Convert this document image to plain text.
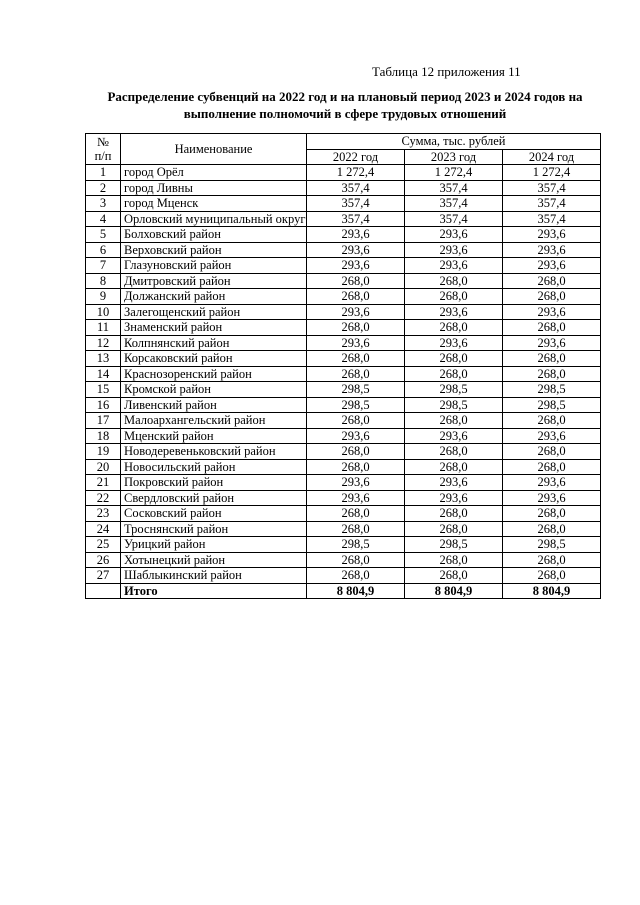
Таблица 12 приложения 11
Распределение субвенций на 2022 год и на плановый период 2023 и 2024 годов на
выполнение полномочий в сфере трудовых отношений
№
п/п	Наименование	Сумма, тыс. рублей		
		2022 год	2023 год	2024 год
1	город Орёл	1 272,4	1 272,4	1 272,4
2	город Ливны	357,4	357,4	357,4
3	город Мценск	357,4	357,4	357,4
4	Орловский муниципальный округ	357,4	357,4	357,4
5	Болховский район	293,6	293,6	293,6
6	Верховский район	293,6	293,6	293,6
7	Глазуновский район	293,6	293,6	293,6
8	Дмитровский район	268,0	268,0	268,0
9	Должанский район	268,0	268,0	268,0
10	Залегощенский район	293,6	293,6	293,6
11	Знаменский район	268,0	268,0	268,0
12	Колпнянский район	293,6	293,6	293,6
13	Корсаковский район	268,0	268,0	268,0
14	Краснозоренский район	268,0	268,0	268,0
15	Кромской район	298,5	298,5	298,5
16	Ливенский район	298,5	298,5	298,5
17	Малоархангельский район	268,0	268,0	268,0
18	Мценский район	293,6	293,6	293,6
19	Новодеревеньковский район	268,0	268,0	268,0
20	Новосильский район	268,0	268,0	268,0
21	Покровский район	293,6	293,6	293,6
22	Свердловский район	293,6	293,6	293,6
23	Сосковский район	268,0	268,0	268,0
24	Троснянский район	268,0	268,0	268,0
25	Урицкий район	298,5	298,5	298,5
26	Хотынецкий район	268,0	268,0	268,0
27	Шаблыкинский район	268,0	268,0	268,0
	Итого	8 804,9	8 804,9	8 804,9
